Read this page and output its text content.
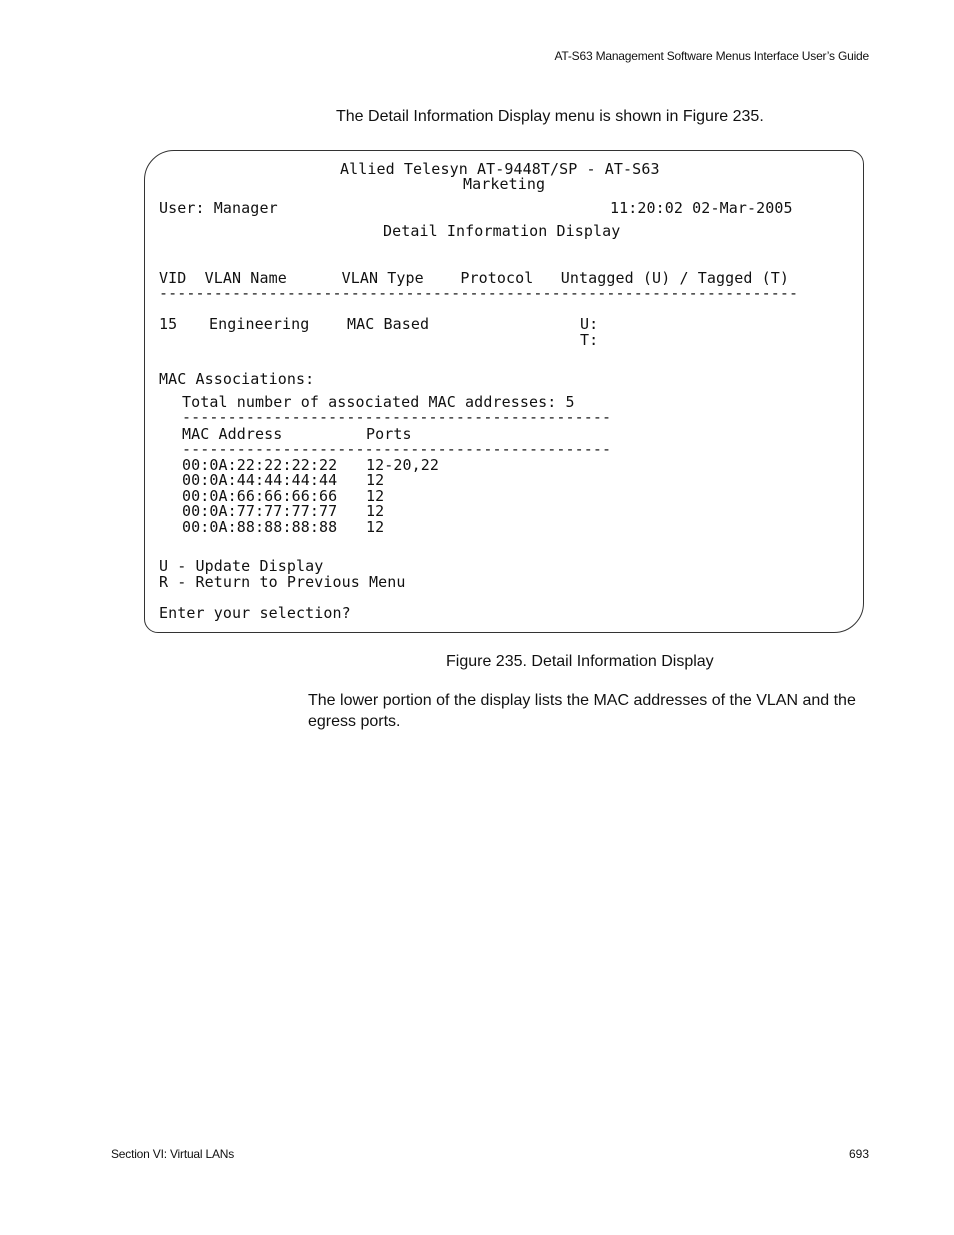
AT-S63 Management Software Menus Interface User’s Guide
The Detail Information Display menu is shown in Figure 235.
Allied Telesyn AT-9448T/SP - AT-S63
Marketing
User: Manager	11:20:02 02-Mar-2005
Detail Information Display
VID  VLAN Name      VLAN Type    Protocol   Untagged (U) / Tagged (T)
----------------------------------------------------------------------
15 Engineering	MAC Based	U:
T:
MAC Associations:
Total number of associated MAC addresses: 5
-----------------------------------------------
MAC Address	Ports
-----------------------------------------------
00:0A:22:22:22:22 12-20,22
00:0A:44:44:44:44 12
00:0A:66:66:66:66 12
00:0A:77:77:77:77 12
00:0A:88:88:88:88 12
U - Update Display
R - Return to Previous Menu
Enter your selection?
Figure 235. Detail Information Display
The lower portion of the display lists the MAC addresses of the VLAN and the egress ports.
Section VI: Virtual LANs	693
